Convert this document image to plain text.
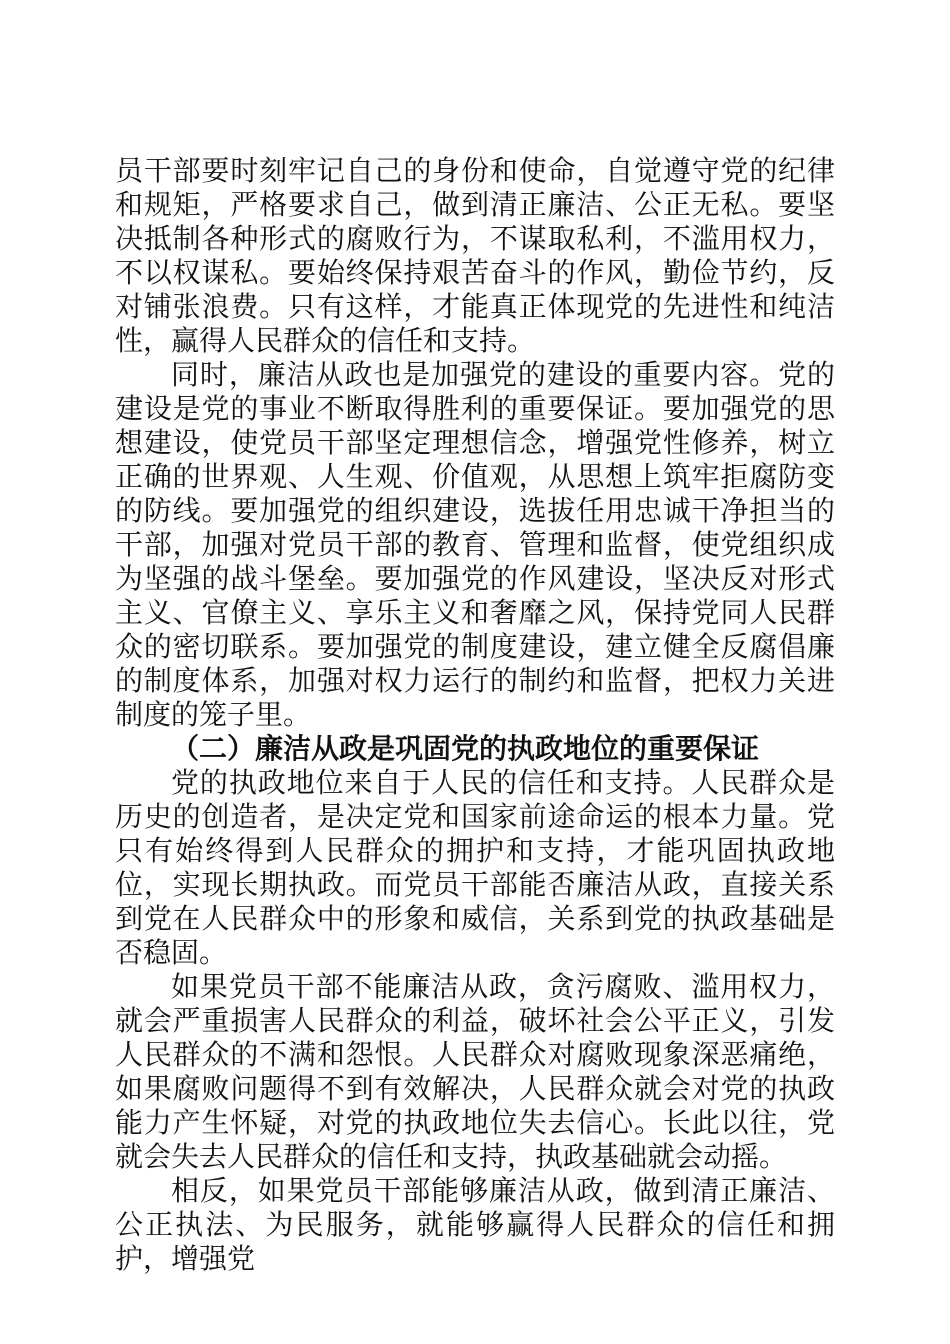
员干部要时刻牢记自己的身份和使命，自觉遵守党的纪律和规矩，严格要求自己，做到清正廉洁、公正无私。要坚决抵制各种形式的腐败行为，不谋取私利，不滥用权力，不以权谋私。要始终保持艰苦奋斗的作风，勤俭节约，反对铺张浪费。只有这样，才能真正体现党的先进性和纯洁性，赢得人民群众的信任和支持。

同时，廉洁从政也是加强党的建设的重要内容。党的建设是党的事业不断取得胜利的重要保证。要加强党的思想建设，使党员干部坚定理想信念，增强党性修养，树立正确的世界观、人生观、价值观，从思想上筑牢拒腐防变的防线。要加强党的组织建设，选拔任用忠诚干净担当的干部，加强对党员干部的教育、管理和监督，使党组织成为坚强的战斗堡垒。要加强党的作风建设，坚决反对形式主义、官僚主义、享乐主义和奢靡之风，保持党同人民群众的密切联系。要加强党的制度建设，建立健全反腐倡廉的制度体系，加强对权力运行的制约和监督，把权力关进制度的笼子里。

（二）廉洁从政是巩固党的执政地位的重要保证

党的执政地位来自于人民的信任和支持。人民群众是历史的创造者，是决定党和国家前途命运的根本力量。党只有始终得到人民群众的拥护和支持，才能巩固执政地位，实现长期执政。而党员干部能否廉洁从政，直接关系到党在人民群众中的形象和威信，关系到党的执政基础是否稳固。

如果党员干部不能廉洁从政，贪污腐败、滥用权力，就会严重损害人民群众的利益，破坏社会公平正义，引发人民群众的不满和怨恨。人民群众对腐败现象深恶痛绝，如果腐败问题得不到有效解决，人民群众就会对党的执政能力产生怀疑，对党的执政地位失去信心。长此以往，党就会失去人民群众的信任和支持，执政基础就会动摇。

相反，如果党员干部能够廉洁从政，做到清正廉洁、公正执法、为民服务，就能够赢得人民群众的信任和拥护，增强党
